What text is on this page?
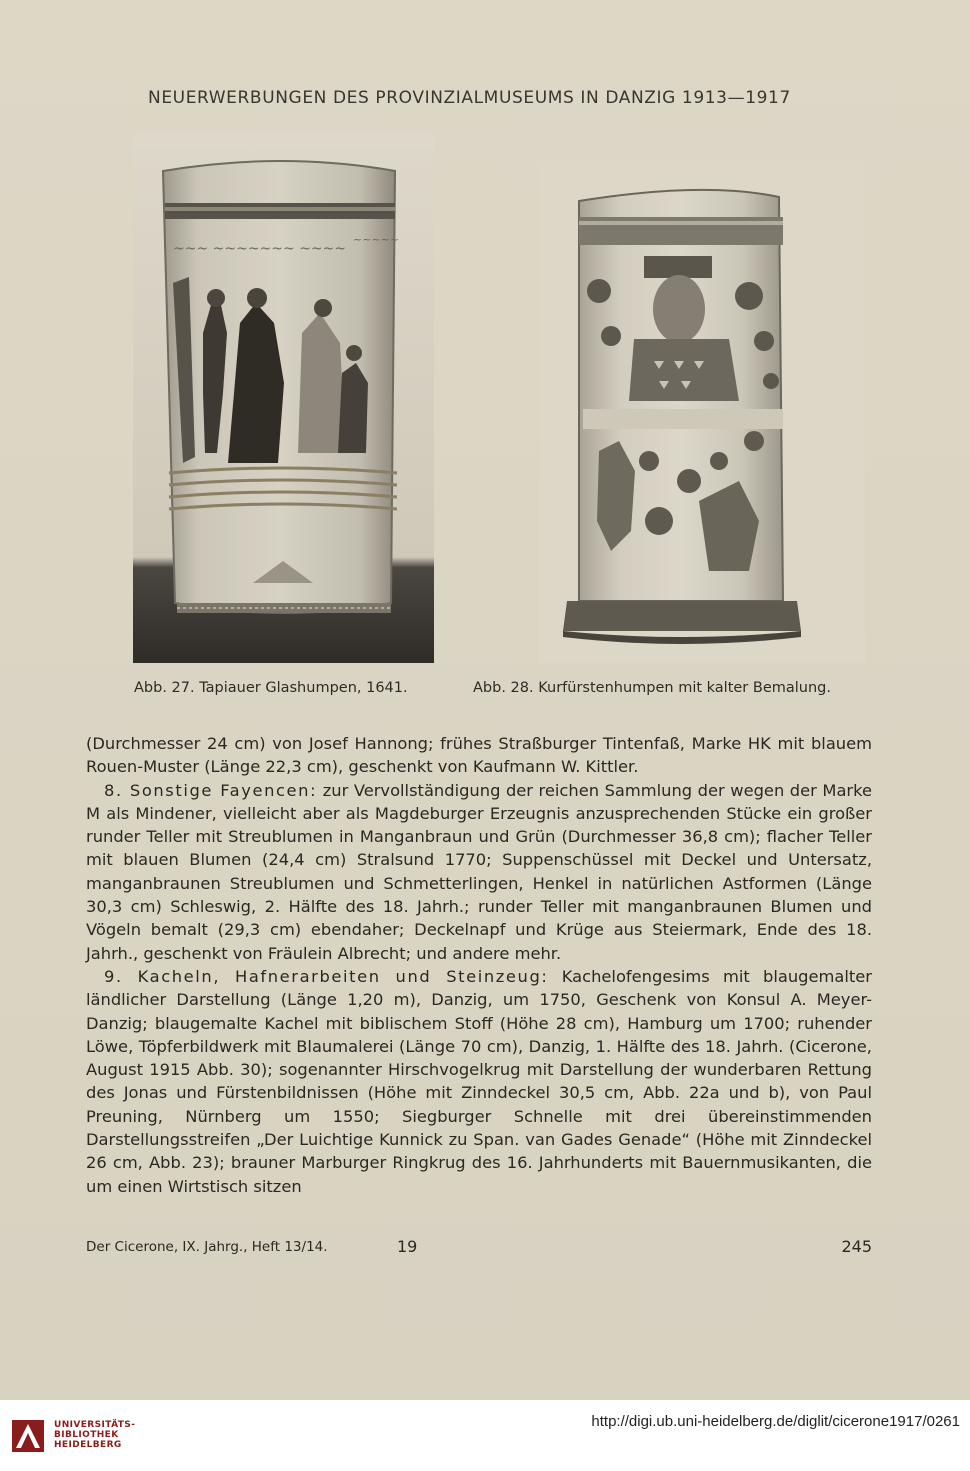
NEUERWERBUNGEN DES PROVINZIALMUSEUMS IN DANZIG 1913—1917
~~~ ~~~~~~~ ~~~~
~~~~~
Abb. 27. Tapiauer Glashumpen, 1641.	Abb. 28. Kurfürstenhumpen mit kalter Bemalung.

(Durchmesser 24 cm) von Josef Hannong; frühes Straßburger Tintenfaß, Marke HK mit blauem Rouen-Muster (Länge 22,3 cm), geschenkt von Kaufmann W. Kittler.

8. Sonstige Fayencen: zur Vervollständigung der reichen Sammlung der wegen der Marke M als Mindener, vielleicht aber als Magdeburger Erzeugnis anzusprechenden Stücke ein großer runder Teller mit Streublumen in Manganbraun und Grün (Durchmesser 36,8 cm); flacher Teller mit blauen Blumen (24,4 cm) Stralsund 1770; Suppenschüssel mit Deckel und Untersatz, manganbraunen Streublumen und Schmetterlingen, Henkel in natürlichen Astformen (Länge 30,3 cm) Schleswig, 2. Hälfte des 18. Jahrh.; runder Teller mit manganbraunen Blumen und Vögeln bemalt (29,3 cm) ebendaher; Deckelnapf und Krüge aus Steiermark, Ende des 18. Jahrh., geschenkt von Fräulein Albrecht; und andere mehr.

9. Kacheln, Hafnerarbeiten und Steinzeug: Kachelofengesims mit blaugemalter ländlicher Darstellung (Länge 1,20 m), Danzig, um 1750, Geschenk von Konsul A. Meyer-Danzig; blaugemalte Kachel mit biblischem Stoff (Höhe 28 cm), Hamburg um 1700; ruhender Löwe, Töpferbildwerk mit Blaumalerei (Länge 70 cm), Danzig, 1. Hälfte des 18. Jahrh. (Cicerone, August 1915 Abb. 30); sogenannter Hirschvogelkrug mit Darstellung der wunderbaren Rettung des Jonas und Fürstenbildnissen (Höhe mit Zinndeckel 30,5 cm, Abb. 22a und b), von Paul Preuning, Nürnberg um 1550; Siegburger Schnelle mit drei übereinstimmenden Darstellungsstreifen „Der Luichtige Kunnick zu Span. van Gades Genade“ (Höhe mit Zinndeckel 26 cm, Abb. 23); brauner Marburger Ringkrug des 16. Jahrhunderts mit Bauernmusikanten, die um einen Wirtstisch sitzen

Der Cicerone, IX. Jahrg., Heft 13/14.	19	245
UNIVERSITÄTS-
BIBLIOTHEK
HEIDELBERG
http://digi.ub.uni-heidelberg.de/diglit/cicerone1917/0261
